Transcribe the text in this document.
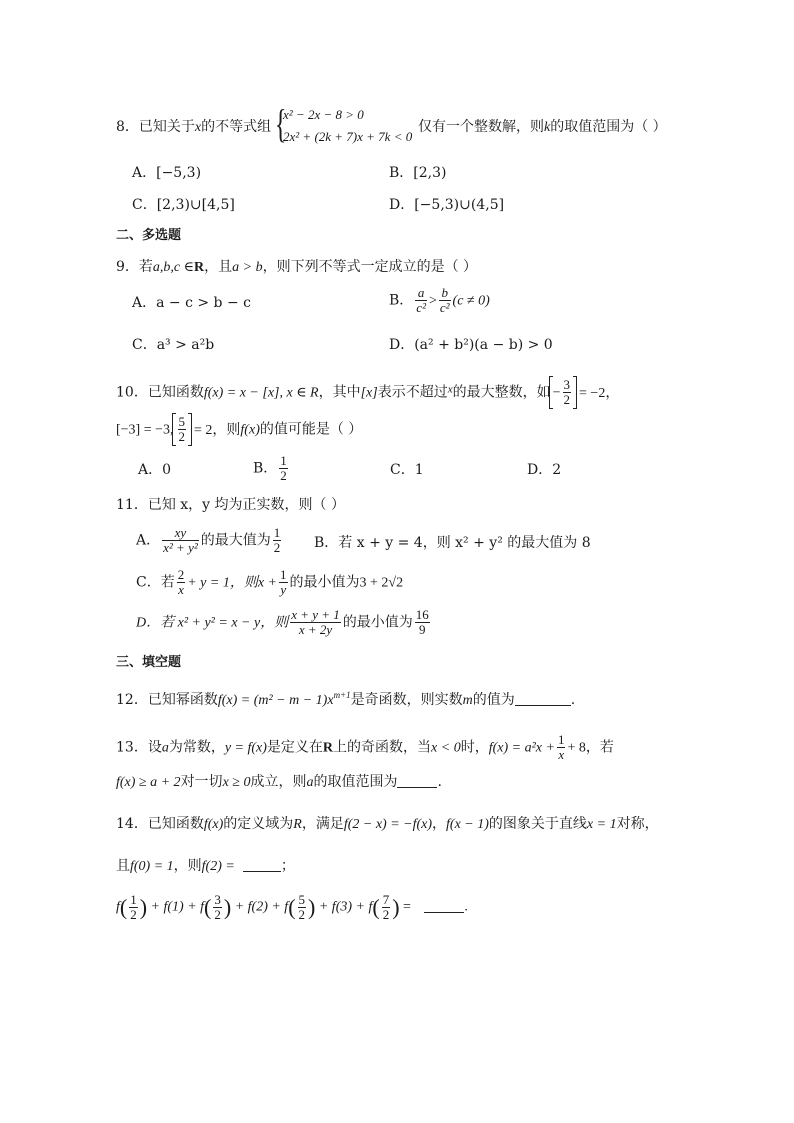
8．已知关于x的不等式组 {
x² − 2x − 8 > 0
2x² + (2k + 7)x + 7k < 0
仅有一个整数解，则k的取值范围为（ ）
A．[−5,3)	B．[2,3)
C．[2,3)∪[4,5]	D．[−5,3)∪(4,5]
二、多选题
9．若a,b,c ∈R，且a > b，则下列不等式一定成立的是（ ）
A．a − c > b − c	B． $\frac{a}{\text{c²}} > \frac{b}{\text{c²}} (c \ne 0)$
C．a³ > a²b	D．(a² + b²)(a − b) > 0
10．已知函数f(x) = x − [x], x ∈ R，其中[x]表示不超过$^x$的最大整数，如 − $\frac{3}{2} = -2$，
[−3] = −3, $\frac{5}{2} = 2$，则f(x)的值可能是（ ）
A．0	B． $\frac{1}{2}$	C．1	D．2
11．已知 x，y 均为正实数，则（ ）
A． $\frac{xy}{\text{x² + y²}}$ 的最大值为 $\frac{1}{2}$ B．若 x + y = 4，则 x² + y² 的最大值为 8
C．若 $\frac{2}{x} + y = 1$，则$x + \frac{1}{y}$ 的最小值为3 + 2√2
D．若 x² + y² = x − y，则 $\frac{x + y + 1}{x + 2y}$ 的最小值为 $\frac{16}{9}$
三、填空题
12．已知幂函数$f(x) = (m^2 - m - 1)x^{m+1}$是奇函数，则实数m的值为	.
13．设a为常数，y = f(x)是定义在R上的奇函数，当x < 0时，$f(x) = a^2x + \frac{1}{x} + 8$，若
f(x) ≥ a + 2对一切x ≥ 0成立，则a的取值范围为	.
14．已知函数f(x)的定义域为R，满足f(2 − x) = −f(x)，f(x − 1)的图象关于直线x = 1对称，
且f(0) = 1，则f(2) =	；
$f( \frac{1}{2}$ ) + $f(1) + f( \frac{3}{2}$ ) + $f(2) + f( \frac{5}{2}$ ) + $f(3) + f( \frac{7}{2}$ ) =	.
